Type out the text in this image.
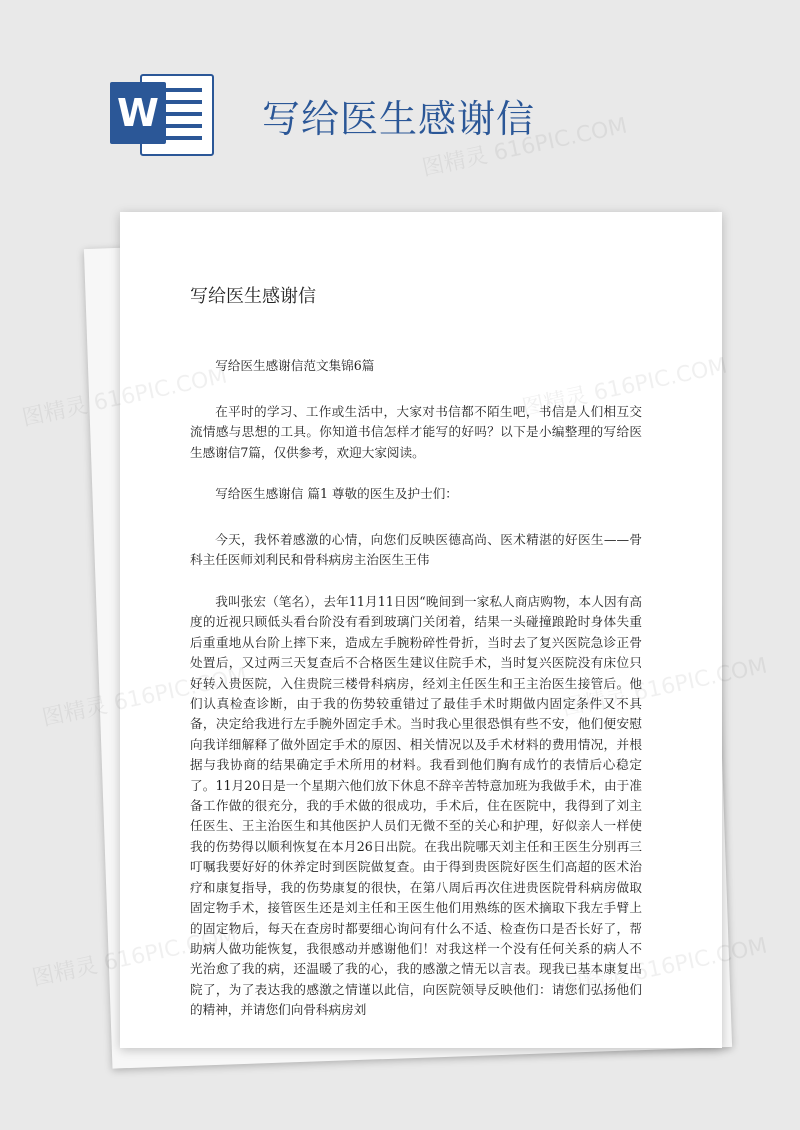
W	写给医生感谢信
写给医生感谢信

写给医生感谢信范文集锦6篇

在平时的学习、工作或生活中，大家对书信都不陌生吧，书信是人们相互交流情感与思想的工具。你知道书信怎样才能写的好吗？以下是小编整理的写给医生感谢信7篇，仅供参考，欢迎大家阅读。

写给医生感谢信 篇1 尊敬的医生及护士们：

今天，我怀着感激的心情，向您们反映医德高尚、医术精湛的好医生——骨科主任医师刘利民和骨科病房主治医生王伟

我叫张宏（笔名），去年11月11日因“晚间到一家私人商店购物，本人因有高度的近视只顾低头看台阶没有看到玻璃门关闭着，结果一头碰撞踉跄时身体失重后重重地从台阶上摔下来，造成左手腕粉碎性骨折，当时去了复兴医院急诊正骨处置后，又过两三天复查后不合格医生建议住院手术，当时复兴医院没有床位只好转入贵医院，入住贵院三楼骨科病房，经刘主任医生和王主治医生接管后。他们认真检查诊断，由于我的伤势较重错过了最佳手术时期做内固定条件又不具备，决定给我进行左手腕外固定手术。当时我心里很恐惧有些不安，他们便安慰向我详细解释了做外固定手术的原因、相关情况以及手术材料的费用情况，并根据与我协商的结果确定手术所用的材料。我看到他们胸有成竹的表情后心稳定了。11月20日是一个星期六他们放下休息不辞辛苦特意加班为我做手术，由于准备工作做的很充分，我的手术做的很成功，手术后，住在医院中，我得到了刘主任医生、王主治医生和其他医护人员们无微不至的关心和护理，好似亲人一样使我的伤势得以顺利恢复在本月26日出院。在我出院哪天刘主任和王医生分别再三叮嘱我要好好的休养定时到医院做复查。由于得到贵医院好医生们高超的医术治疗和康复指导，我的伤势康复的很快，在第八周后再次住进贵医院骨科病房做取固定物手术，接管医生还是刘主任和王医生他们用熟练的医术摘取下我左手臂上的固定物后，每天在查房时都要细心询问有什么不适、检查伤口是否长好了，帮助病人做功能恢复，我很感动并感谢他们！对我这样一个没有任何关系的病人不光治愈了我的病，还温暖了我的心，我的感激之情无以言表。现我已基本康复出院了，为了表达我的感激之情谨以此信，向医院领导反映他们：请您们弘扬他们的精神，并请您们向骨科病房刘

图精灵 616PIC.COM
图精灵
图精灵
图精灵
